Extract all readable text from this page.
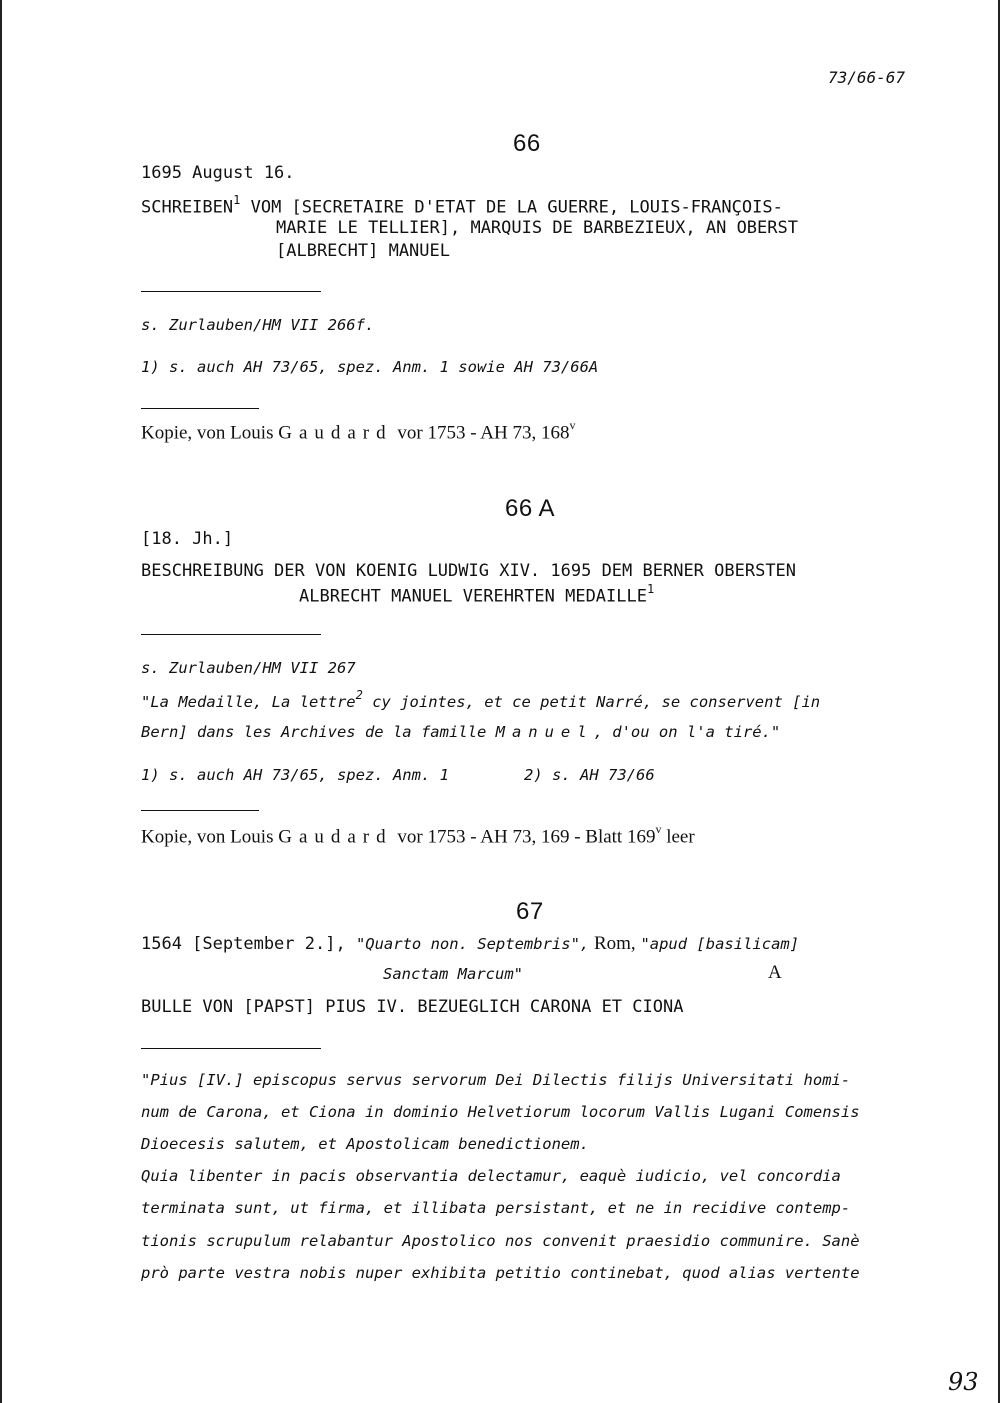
73/66-67
66
1695 August 16.
SCHREIBEN$^1$ VOM [SECRETAIRE D'ETAT DE LA GUERRE, LOUIS-FRANÇOIS-
MARIE LE TELLIER], MARQUIS DE BARBEZIEUX, AN OBERST
[ALBRECHT] MANUEL
s. Zurlauben/HM VII 266f.
1) s. auch AH 73/65, spez. Anm. 1 sowie AH 73/66A
Kopie, von Louis Gaudard vor 1753 - AH 73, 168$^v$
66 A
[18. Jh.]
BESCHREIBUNG DER VON KOENIG LUDWIG XIV. 1695 DEM BERNER OBERSTEN
ALBRECHT MANUEL VEREHRTEN MEDAILLE$^1$
s. Zurlauben/HM VII 267
"La Medaille, La lettre$^2$ cy jointes, et ce petit Narré, se conservent [in
Bern] dans les Archives de la famille Manuel, d'ou on l'a tiré."
1) s. auch AH 73/65, spez. Anm. 1	2) s. AH 73/66
Kopie, von Louis Gaudard vor 1753 - AH 73, 169 - Blatt 169$^v$ leer
67
1564 [September 2.], "Quarto non. Septembris", Rom, "apud [basilicam]
Sanctam Marcum"	A
BULLE VON [PAPST] PIUS IV. BEZUEGLICH CARONA ET CIONA
"Pius [IV.] episcopus servus servorum Dei Dilectis filijs Universitati homi-
num de Carona, et Ciona in dominio Helvetiorum locorum Vallis Lugani Comensis
Dioecesis salutem, et Apostolicam benedictionem.
Quia libenter in pacis observantia delectamur, eaquè iudicio, vel concordia
terminata sunt, ut firma, et illibata persistant, et ne in recidive contemp-
tionis scrupulum relabantur Apostolico nos convenit praesidio communire. Sanè
prò parte vestra nobis nuper exhibita petitio continebat, quod alias vertente
93
